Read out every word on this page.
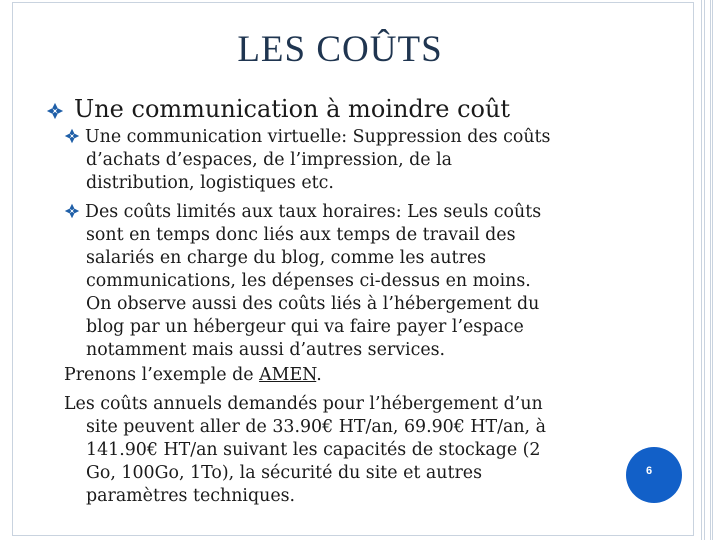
LES COÛTS
Une communication à moindre coût
Une communication virtuelle: Suppression des coûts
d’achats d’espaces, de l’impression, de la
distribution, logistiques etc.
Des coûts limités aux taux horaires: Les seuls coûts
sont en temps donc liés aux temps de travail des
salariés en charge du blog, comme les autres
communications, les dépenses ci-dessus en moins.
On observe aussi des coûts liés à l’hébergement du
blog par un hébergeur qui va faire payer l’espace
notamment mais aussi d’autres services.
Prenons l’exemple de AMEN.
Les coûts annuels demandés pour l’hébergement d’un
site peuvent aller de 33.90€ HT/an, 69.90€ HT/an, à
141.90€ HT/an suivant les capacités de stockage (2
Go, 100Go, 1To), la sécurité du site et autres
paramètres techniques.
6
